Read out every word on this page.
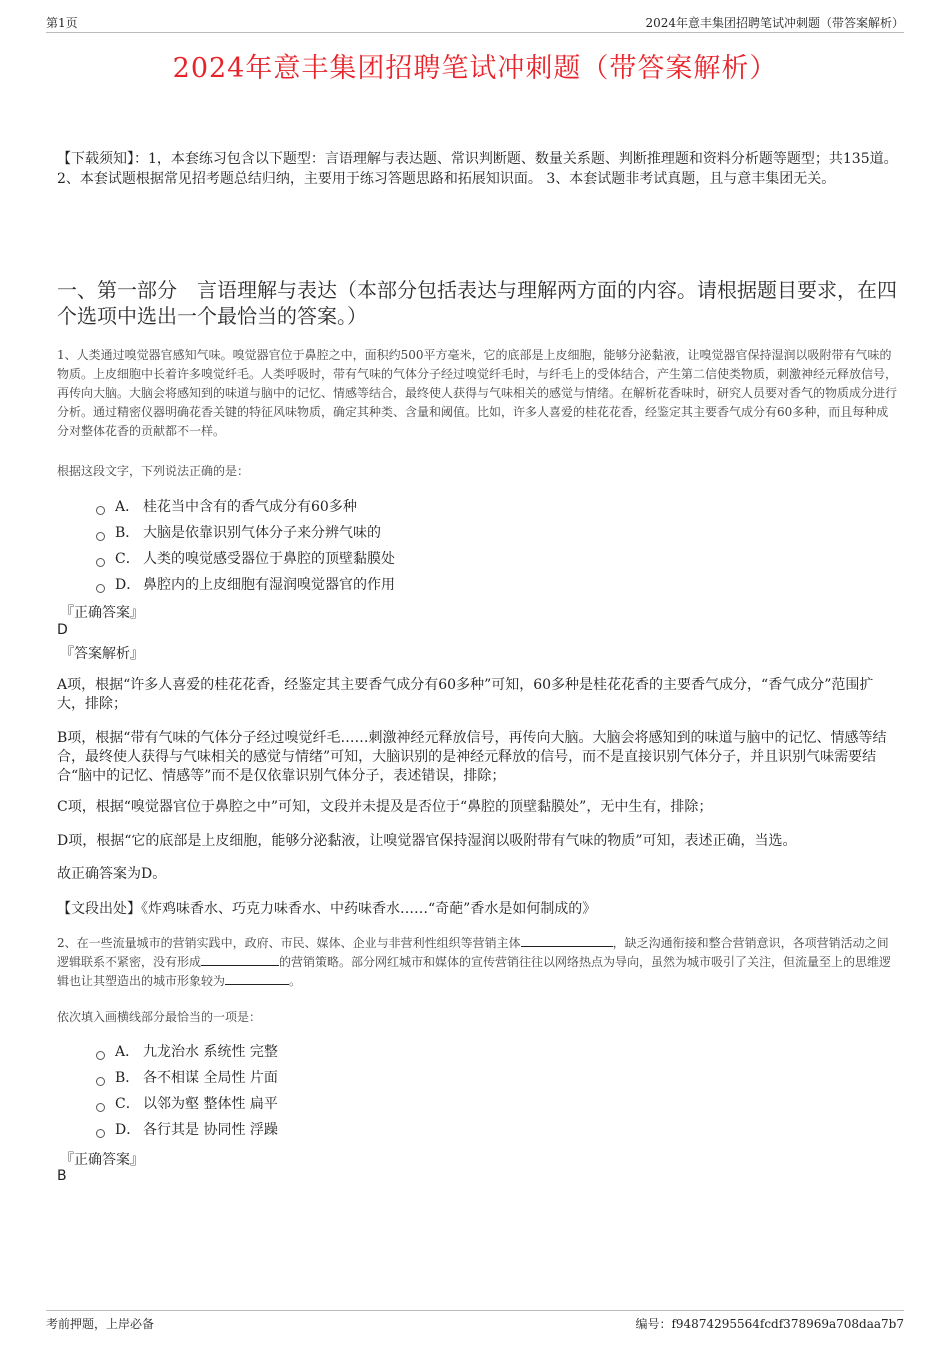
第1页	2024年意丰集团招聘笔试冲刺题（带答案解析）
2024年意丰集团招聘笔试冲刺题（带答案解析）
【下载须知】：1，本套练习包含以下题型：言语理解与表达题、常识判断题、数量关系题、判断推理题和资料分析题等题型；共135道。 2、本套试题根据常见招考题总结归纳，主要用于练习答题思路和拓展知识面。 3、本套试题非考试真题，且与意丰集团无关。
一、第一部分　言语理解与表达（本部分包括表达与理解两方面的内容。请根据题目要求，在四个选项中选出一个最恰当的答案。）
1、人类通过嗅觉器官感知气味。嗅觉器官位于鼻腔之中，面积约500平方毫米，它的底部是上皮细胞，能够分泌黏液，让嗅觉器官保持湿润以吸附带有气味的物质。上皮细胞中长着许多嗅觉纤毛。人类呼吸时，带有气味的气体分子经过嗅觉纤毛时，与纤毛上的受体结合，产生第二信使类物质，刺激神经元释放信号，再传向大脑。大脑会将感知到的味道与脑中的记忆、情感等结合，最终使人获得与气味相关的感觉与情绪。在解析花香味时，研究人员要对香气的物质成分进行分析。通过精密仪器明确花香关键的特征风味物质，确定其种类、含量和阈值。比如，许多人喜爱的桂花花香，经鉴定其主要香气成分有60多种，而且每种成分对整体花香的贡献都不一样。
根据这段文字，下列说法正确的是：
A． 桂花当中含有的香气成分有60多种
B． 大脑是依靠识别气体分子来分辨气味的
C． 人类的嗅觉感受器位于鼻腔的顶壁黏膜处
D． 鼻腔内的上皮细胞有湿润嗅觉器官的作用
『正确答案』
D
『答案解析』
A项，根据“许多人喜爱的桂花花香，经鉴定其主要香气成分有60多种”可知，60多种是桂花花香的主要香气成分，“香气成分”范围扩大，排除；
B项，根据“带有气味的气体分子经过嗅觉纤毛……刺激神经元释放信号，再传向大脑。大脑会将感知到的味道与脑中的记忆、情感等结合，最终使人获得与气味相关的感觉与情绪”可知，大脑识别的是神经元释放的信号，而不是直接识别气体分子，并且识别气味需要结合“脑中的记忆、情感等”而不是仅依靠识别气体分子，表述错误，排除；
C项，根据“嗅觉器官位于鼻腔之中”可知，文段并未提及是否位于“鼻腔的顶壁黏膜处”，无中生有，排除；
D项，根据“它的底部是上皮细胞，能够分泌黏液，让嗅觉器官保持湿润以吸附带有气味的物质”可知，表述正确，当选。
故正确答案为D。
【文段出处】《炸鸡味香水、巧克力味香水、中药味香水……“奇葩”香水是如何制成的》
2、在一些流量城市的营销实践中，政府、市民、媒体、企业与非营利性组织等营销主体	，缺乏沟通衔接和整合营销意识，各项营销活动之间逻辑联系不紧密，没有形成	的营销策略。部分网红城市和媒体的宣传营销往往以网络热点为导向，虽然为城市吸引了关注，但流量至上的思维逻辑也让其塑造出的城市形象较为	。
依次填入画横线部分最恰当的一项是：
A． 九龙治水 系统性 完整
B． 各不相谋 全局性 片面
C． 以邻为壑 整体性 扁平
D． 各行其是 协同性 浮躁
『正确答案』
B
考前押题，上岸必备	编号：f94874295564fcdf378969a708daa7b7
